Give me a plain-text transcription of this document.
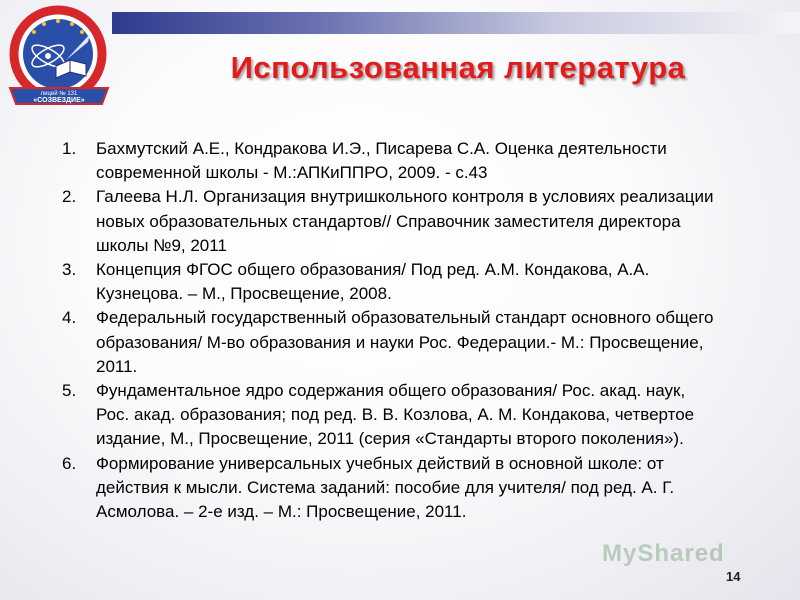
лицей № 131
«СОЗВЕЗДИЕ»
Использованная литература
1. Бахмутский А.Е., Кондракова И.Э., Писарева С.А. Оценка деятельности современной школы - М.:АПКиППРО, 2009. - с.43
2. Галеева Н.Л. Организация внутришкольного контроля в условиях реализации новых образовательных стандартов// Справочник заместителя директора школы №9, 2011
3. Концепция ФГОС общего образования/ Под ред. А.М. Кондакова, А.А. Кузнецова. – М., Просвещение, 2008.
4. Федеральный государственный образовательный стандарт основного общего образования/ М-во образования и науки Рос. Федерации.- М.: Просвещение, 2011.
5. Фундаментальное ядро содержания общего образования/ Рос. акад. наук, Рос. акад. образования; под ред. В. В. Козлова, А. М. Кондакова, четвертое издание, М., Просвещение, 2011 (серия «Стандарты второго поколения»).
6. Формирование универсальных учебных действий в основной школе: от действия к мысли. Система заданий: пособие для учителя/ под ред. А. Г. Асмолова. – 2-е изд. – М.: Просвещение, 2011.
MyShared
14
